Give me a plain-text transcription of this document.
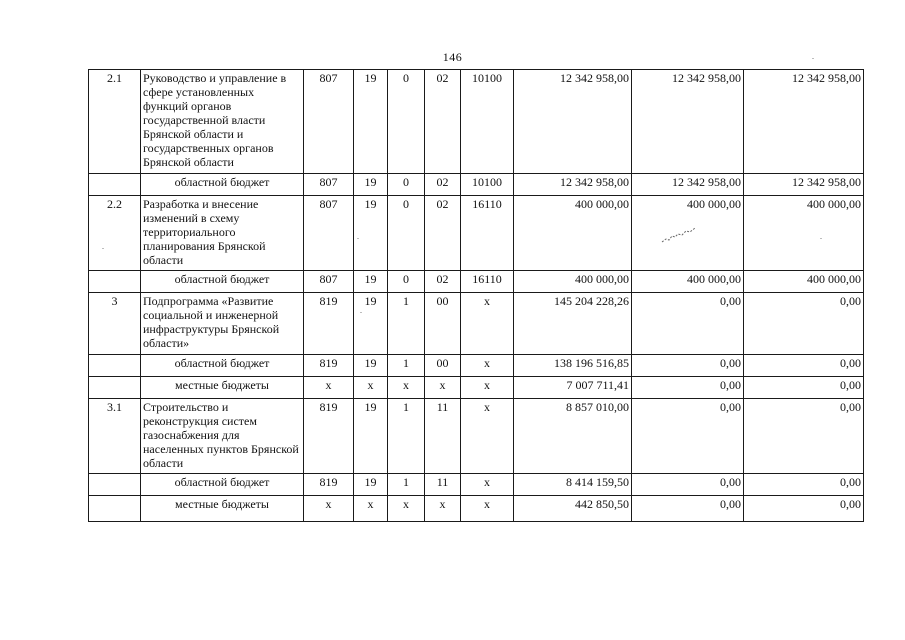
146
2.1	Руководство и управление в сфере установленных функций органов государственной власти Брянской области и государственных органов Брянской области	807	19	0	02	10100	12 342 958,00	12 342 958,00	12 342 958,00
	областной бюджет	807	19	0	02	10100	12 342 958,00	12 342 958,00	12 342 958,00
2.2	Разработка и внесение изменений в схему территориального планирования Брянской области	807	19	0	02	16110	400 000,00	400 000,00	400 000,00
	областной бюджет	807	19	0	02	16110	400 000,00	400 000,00	400 000,00
3	Подпрограмма «Развитие социальной и инженерной инфраструктуры Брянской области»	819	19	1	00	х	145 204 228,26	0,00	0,00
	областной бюджет	819	19	1	00	х	138 196 516,85	0,00	0,00
	местные бюджеты	х	х	х	х	х	7 007 711,41	0,00	0,00
3.1	Строительство и реконструкция систем газоснабжения для населенных пунктов Брянской области	819	19	1	11	х	8 857 010,00	0,00	0,00
	областной бюджет	819	19	1	11	х	8 414 159,50	0,00	0,00
	местные бюджеты	х	х	х	х	х	442 850,50	0,00	0,00
